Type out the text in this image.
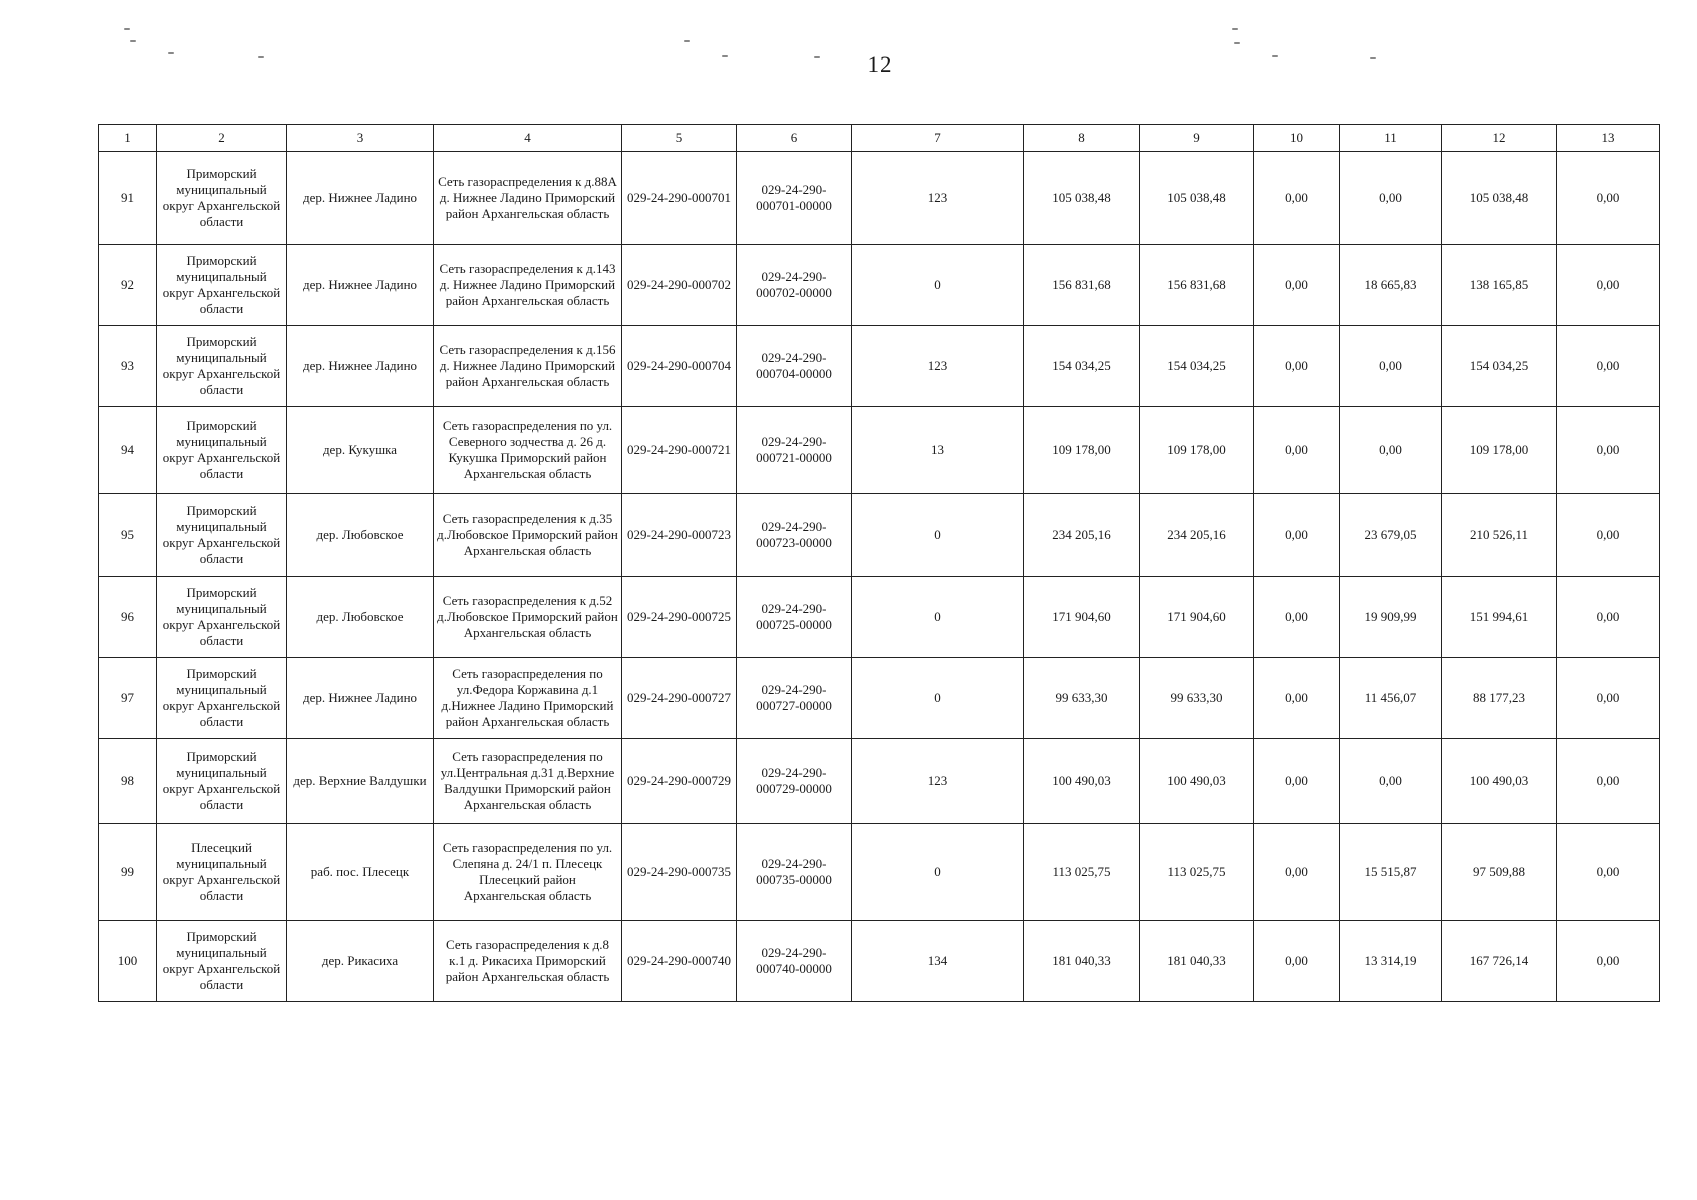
12
1	2	3	4	5	6	7	8	9	10	11	12	13
91	Приморский муниципальный округ Архангельской области	дер. Нижнее Ладино	Сеть газораспределения к д.88А д. Нижнее Ладино Приморский район Архангельская область	029-24-290-000701	029-24-290-000701-00000	123	105 038,48	105 038,48	0,00	0,00	105 038,48	0,00
92	Приморский муниципальный округ Архангельской области	дер. Нижнее Ладино	Сеть газораспределения к д.143 д. Нижнее Ладино Приморский район Архангельская область	029-24-290-000702	029-24-290-000702-00000	0	156 831,68	156 831,68	0,00	18 665,83	138 165,85	0,00
93	Приморский муниципальный округ Архангельской области	дер. Нижнее Ладино	Сеть газораспределения к д.156 д. Нижнее Ладино Приморский район Архангельская область	029-24-290-000704	029-24-290-000704-00000	123	154 034,25	154 034,25	0,00	0,00	154 034,25	0,00
94	Приморский муниципальный округ Архангельской области	дер. Кукушка	Сеть газораспределения по ул. Северного зодчества д. 26 д. Кукушка Приморский район Архангельская область	029-24-290-000721	029-24-290-000721-00000	13	109 178,00	109 178,00	0,00	0,00	109 178,00	0,00
95	Приморский муниципальный округ Архангельской области	дер. Любовское	Сеть газораспределения к д.35 д.Любовское Приморский район Архангельская область	029-24-290-000723	029-24-290-000723-00000	0	234 205,16	234 205,16	0,00	23 679,05	210 526,11	0,00
96	Приморский муниципальный округ Архангельской области	дер. Любовское	Сеть газораспределения к д.52 д.Любовское Приморский район Архангельская область	029-24-290-000725	029-24-290-000725-00000	0	171 904,60	171 904,60	0,00	19 909,99	151 994,61	0,00
97	Приморский муниципальный округ Архангельской области	дер. Нижнее Ладино	Сеть газораспределения по ул.Федора Коржавина д.1 д.Нижнее Ладино Приморский район Архангельская область	029-24-290-000727	029-24-290-000727-00000	0	99 633,30	99 633,30	0,00	11 456,07	88 177,23	0,00
98	Приморский муниципальный округ Архангельской области	дер. Верхние Валдушки	Сеть газораспределения по ул.Центральная д.31 д.Верхние Валдушки Приморский район Архангельская область	029-24-290-000729	029-24-290-000729-00000	123	100 490,03	100 490,03	0,00	0,00	100 490,03	0,00
99	Плесецкий муниципальный округ Архангельской области	раб. пос. Плесецк	Сеть газораспределения по ул. Слепяна д. 24/1 п. Плесецк Плесецкий район Архангельская область	029-24-290-000735	029-24-290-000735-00000	0	113 025,75	113 025,75	0,00	15 515,87	97 509,88	0,00
100	Приморский муниципальный округ Архангельской области	дер. Рикасиха	Сеть газораспределения к д.8 к.1 д. Рикасиха Приморский район Архангельская область	029-24-290-000740	029-24-290-000740-00000	134	181 040,33	181 040,33	0,00	13 314,19	167 726,14	0,00
